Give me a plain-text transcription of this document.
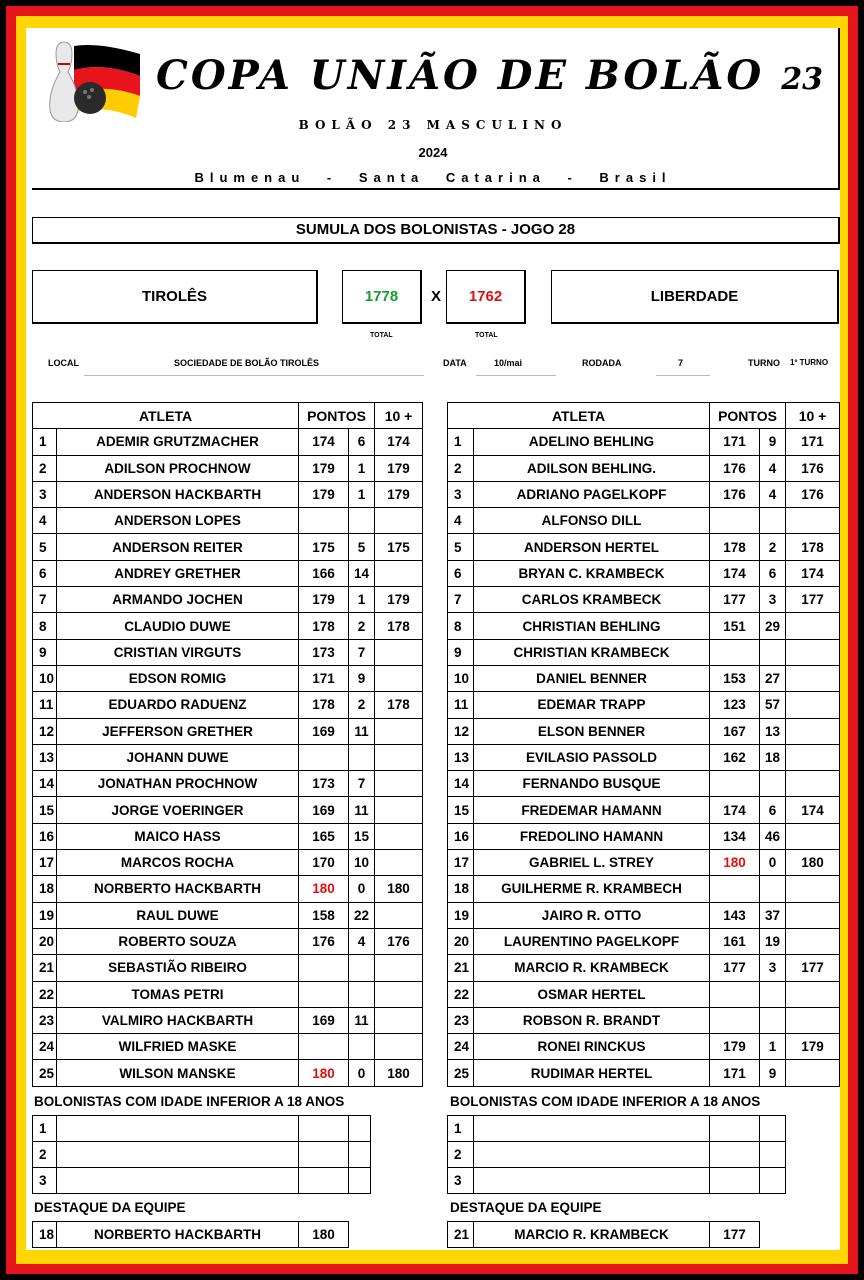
COPA UNIÃO DE BOLÃO 23
BOLÃO 23 MASCULINO
2024
Blumenau - Santa Catarina - Brasil
SUMULA DOS BOLONISTAS - JOGO 28
TIROLÊS	1778	X	1762	LIBERDADE
TOTAL	TOTAL
LOCAL	SOCIEDADE DE BOLÃO TIROLÊS	DATA	10/mai	RODADA	7	TURNO 1º TURNO
ATLETA		PONTOS		10 +
1	ADEMIR GRUTZMACHER	174	6	174
2	ADILSON PROCHNOW	179	1	179
3	ANDERSON HACKBARTH	179	1	179
4	ANDERSON LOPES			
5	ANDERSON REITER	175	5	175
6	ANDREY GRETHER	166	14	
7	ARMANDO JOCHEN	179	1	179
8	CLAUDIO DUWE	178	2	178
9	CRISTIAN VIRGUTS	173	7	
10	EDSON ROMIG	171	9	
11	EDUARDO RADUENZ	178	2	178
12	JEFFERSON GRETHER	169	11	
13	JOHANN DUWE			
14	JONATHAN PROCHNOW	173	7	
15	JORGE VOERINGER	169	11	
16	MAICO HASS	165	15	
17	MARCOS ROCHA	170	10	
18	NORBERTO HACKBARTH	180	0	180
19	RAUL DUWE	158	22	
20	ROBERTO SOUZA	176	4	176
21	SEBASTIÃO RIBEIRO			
22	TOMAS PETRI			
23	VALMIRO HACKBARTH	169	11	
24	WILFRIED MASKE			
25	WILSON MANSKE	180	0	180
ATLETA		PONTOS		10 +
1	ADELINO BEHLING	171	9	171
2	ADILSON BEHLING.	176	4	176
3	ADRIANO PAGELKOPF	176	4	176
4	ALFONSO DILL			
5	ANDERSON HERTEL	178	2	178
6	BRYAN C. KRAMBECK	174	6	174
7	CARLOS KRAMBECK	177	3	177
8	CHRISTIAN BEHLING	151	29	
9	CHRISTIAN KRAMBECK			
10	DANIEL BENNER	153	27	
11	EDEMAR TRAPP	123	57	
12	ELSON BENNER	167	13	
13	EVILASIO PASSOLD	162	18	
14	FERNANDO BUSQUE			
15	FREDEMAR HAMANN	174	6	174
16	FREDOLINO HAMANN	134	46	
17	GABRIEL L. STREY	180	0	180
18	GUILHERME R. KRAMBECH			
19	JAIRO R. OTTO	143	37	
20	LAURENTINO PAGELKOPF	161	19	
21	MARCIO R. KRAMBECK	177	3	177
22	OSMAR HERTEL			
23	ROBSON R. BRANDT			
24	RONEI RINCKUS	179	1	179
25	RUDIMAR HERTEL	171	9	
BOLONISTAS COM IDADE INFERIOR A 18 ANOS	BOLONISTAS COM IDADE INFERIOR A 18 ANOS
1			
2			
3			
1			
2			
3			
DESTAQUE DA EQUIPE	DESTAQUE DA EQUIPE
18	NORBERTO HACKBARTH	180	21	MARCIO R. KRAMBECK	177
